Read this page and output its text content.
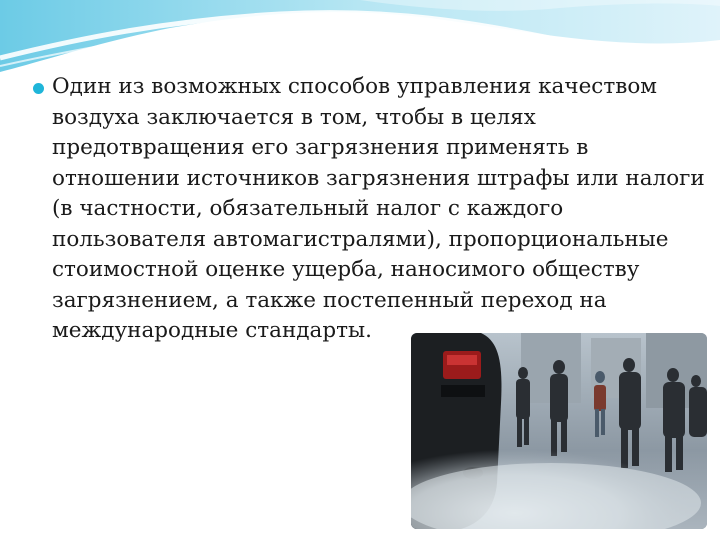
Один из возможных способов управления качеством воздуха заключается в том, чтобы в целях предотвращения его загрязнения применять в отношении источников загрязнения штрафы или налоги (в частности, обязательный налог с каждого пользователя автомагистралями), пропорциональные стоимостной оценке ущерба, наносимого обществу загрязнением, а также постепенный переход на международные стандарты.
